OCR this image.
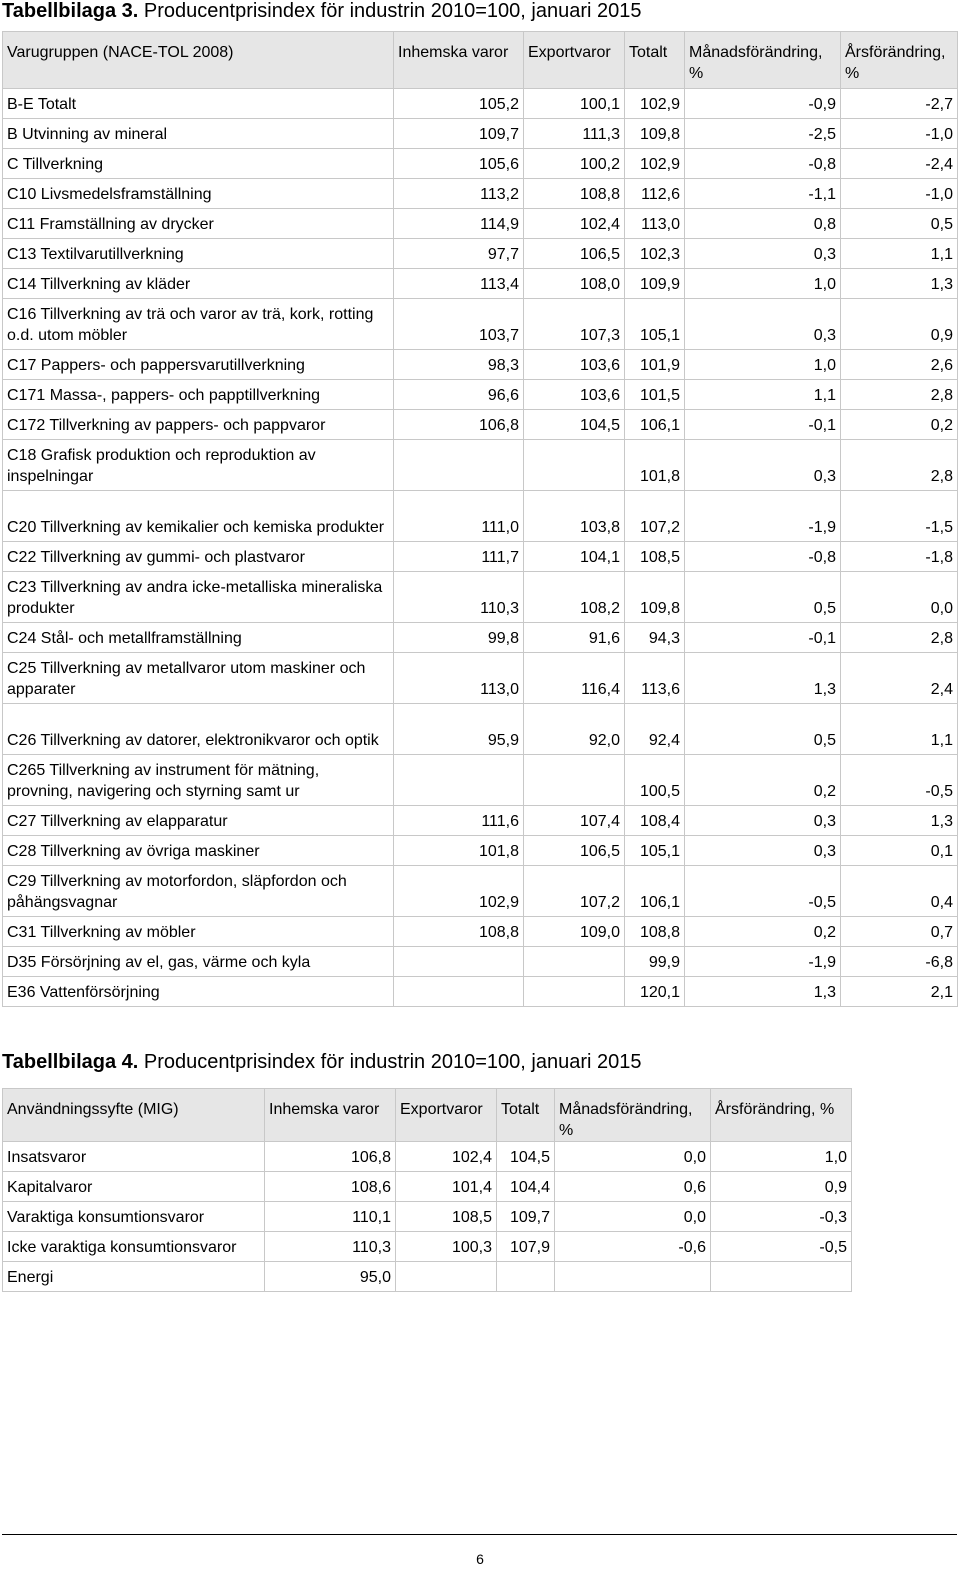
Tabellbilaga 3. Producentprisindex för industrin 2010=100, januari 2015
Varugruppen (NACE-TOL 2008)	Inhemska varor	Exportvaror	Totalt	Månadsförändring, %	Årsförändring, %
B-E Totalt	105,2	100,1	102,9	-0,9	-2,7
B Utvinning av mineral	109,7	111,3	109,8	-2,5	-1,0
C Tillverkning	105,6	100,2	102,9	-0,8	-2,4
C10 Livsmedelsframställning	113,2	108,8	112,6	-1,1	-1,0
C11 Framställning av drycker	114,9	102,4	113,0	0,8	0,5
C13 Textilvarutillverkning	97,7	106,5	102,3	0,3	1,1
C14 Tillverkning av kläder	113,4	108,0	109,9	1,0	1,3
C16 Tillverkning av trä och varor av trä, kork, rotting o.d. utom möbler	103,7	107,3	105,1	0,3	0,9
C17 Pappers- och pappersvarutillverkning	98,3	103,6	101,9	1,0	2,6
C171 Massa-, pappers- och papptillverkning	96,6	103,6	101,5	1,1	2,8
C172 Tillverkning av pappers- och pappvaror	106,8	104,5	106,1	-0,1	0,2
C18 Grafisk produktion och reproduktion av inspelningar			101,8	0,3	2,8
C20 Tillverkning av kemikalier och kemiska produkter	111,0	103,8	107,2	-1,9	-1,5
C22 Tillverkning av gummi- och plastvaror	111,7	104,1	108,5	-0,8	-1,8
C23 Tillverkning av andra icke-metalliska mineraliska produkter	110,3	108,2	109,8	0,5	0,0
C24 Stål- och metallframställning	99,8	91,6	94,3	-0,1	2,8
C25 Tillverkning av metallvaror utom maskiner och apparater	113,0	116,4	113,6	1,3	2,4
C26 Tillverkning av datorer, elektronikvaror och optik	95,9	92,0	92,4	0,5	1,1
C265 Tillverkning av instrument för mätning, provning, navigering och styrning samt ur			100,5	0,2	-0,5
C27 Tillverkning av elapparatur	111,6	107,4	108,4	0,3	1,3
C28 Tillverkning av övriga maskiner	101,8	106,5	105,1	0,3	0,1
C29 Tillverkning av motorfordon, släpfordon och påhängsvagnar	102,9	107,2	106,1	-0,5	0,4
C31 Tillverkning av möbler	108,8	109,0	108,8	0,2	0,7
D35 Försörjning av el, gas, värme och kyla			99,9	-1,9	-6,8
E36 Vattenförsörjning			120,1	1,3	2,1
Tabellbilaga 4. Producentprisindex för industrin 2010=100, januari 2015
Användningssyfte (MIG)	Inhemska varor	Exportvaror	Totalt	Månadsförändring, %	Årsförändring, %
Insatsvaror	106,8	102,4	104,5	0,0	1,0
Kapitalvaror	108,6	101,4	104,4	0,6	0,9
Varaktiga konsumtionsvaror	110,1	108,5	109,7	0,0	-0,3
Icke varaktiga konsumtionsvaror	110,3	100,3	107,9	-0,6	-0,5
Energi	95,0				
6
